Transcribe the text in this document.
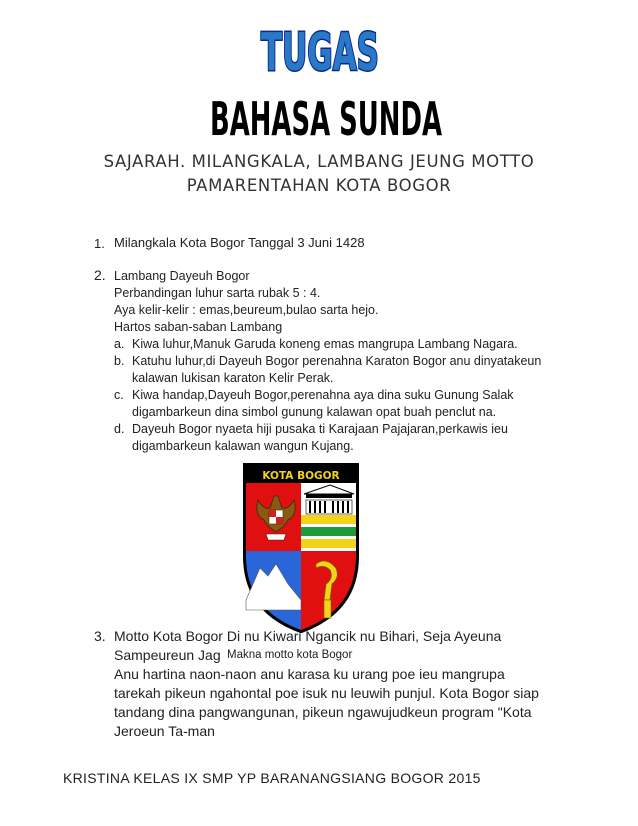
TUGAS
BAHASA SUNDA
SAJARAH. MILANGKALA, LAMBANG JEUNG MOTTO
PAMARENTAHAN KOTA BOGOR
1. Milangkala Kota Bogor Tanggal 3 Juni 1428
2. Lambang Dayeuh Bogor
Perbandingan luhur sarta rubak 5 : 4.
Aya kelir-kelir : emas,beureum,bulao sarta hejo.
Hartos saban-saban Lambang
a. Kiwa luhur,Manuk Garuda koneng emas mangrupa Lambang Nagara.
b. Katuhu luhur,di Dayeuh Bogor perenahna Karaton Bogor anu dinyatakeun
kalawan lukisan karaton Kelir Perak.
c. Kiwa handap,Dayeuh Bogor,perenahna aya dina suku Gunung Salak
digambarkeun dina simbol gunung kalawan opat buah penclut na.
d. Dayeuh Bogor nyaeta hiji pusaka ti Karajaan Pajajaran,perkawis ieu
digambarkeun kalawan wangun Kujang.
KOTA BOGOR
3. Motto Kota Bogor Di nu Kiwari Ngancik nu Bihari, Seja Ayeuna
Sampeureun Jag Makna motto kota Bogor
Anu hartina naon-naon anu karasa ku urang poe ieu mangrupa
tarekah pikeun ngahontal poe isuk nu leuwih punjul. Kota Bogor siap
tandang dina pangwangunan, pikeun ngawujudkeun program "Kota
Jeroeun Ta-man
KRISTINA KELAS IX SMP YP BARANANGSIANG BOGOR 2015
